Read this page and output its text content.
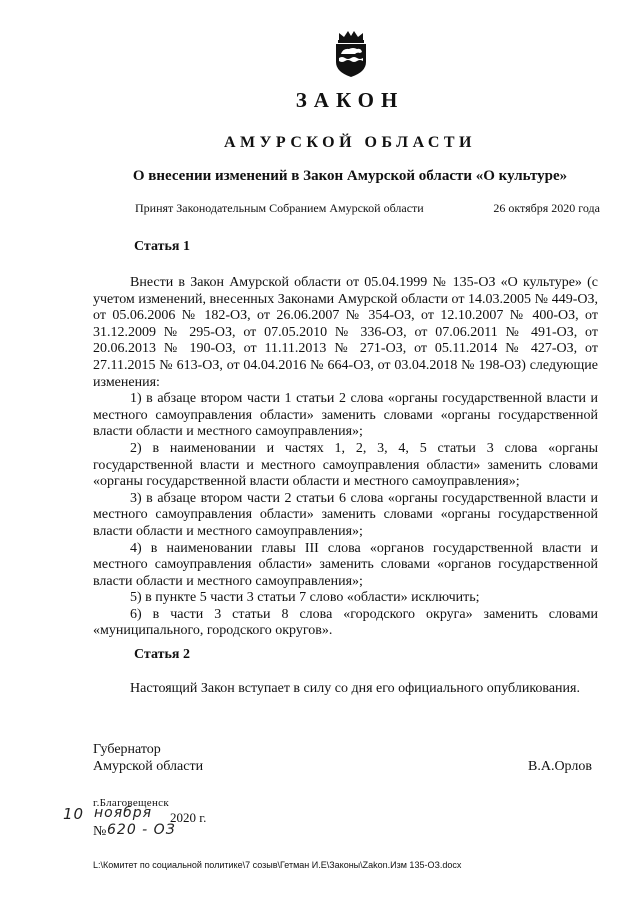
ЗАКОН
АМУРСКОЙ ОБЛАСТИ
О внесении изменений в Закон Амурской области «О культуре»
Принят Законодательным Собранием Амурской области	26 октября 2020 года
Статья 1

Внести в Закон Амурской области от 05.04.1999 № 135-ОЗ «О культуре» (с учетом изменений, внесенных Законами Амурской области от 14.03.2005 № 449-ОЗ, от 05.06.2006 № 182-ОЗ, от 26.06.2007 № 354-ОЗ, от 12.10.2007 № 400-ОЗ, от 31.12.2009 № 295-ОЗ, от 07.05.2010 № 336-ОЗ, от 07.06.2011 № 491-ОЗ, от 20.06.2013 № 190-ОЗ, от 11.11.2013 № 271-ОЗ, от 05.11.2014 № 427-ОЗ, от 27.11.2015 № 613-ОЗ, от 04.04.2016 № 664-ОЗ, от 03.04.2018 № 198-ОЗ) следующие изменения:

1) в абзаце втором части 1 статьи 2 слова «органы государственной власти и местного самоуправления области» заменить словами «органы государственной власти области и местного самоуправления»;

2) в наименовании и частях 1, 2, 3, 4, 5 статьи 3 слова «органы государственной власти и местного самоуправления области» заменить словами «органы государственной власти области и местного самоуправления»;

3) в абзаце втором части 2 статьи 6 слова «органы государственной власти и местного самоуправления области» заменить словами «органы государственной власти области и местного самоуправления»;

4) в наименовании главы III слова «органов государственной власти и местного самоуправления области» заменить словами «органов государственной власти области и местного самоуправления»;

5) в пункте 5 части 3 статьи 7 слово «области» исключить;

6) в части 3 статьи 8 слова «городского округа» заменить словами «муниципального, городского округов».

Статья 2

Настоящий Закон вступает в силу со дня его официального опубликования.

Губернатор
Амурской области	В.А.Орлов
г.Благовещенск
10 ноября 2020 г.
№ 620 - ОЗ
L:\Комитет по социальной политике\7 созыв\Гетман И.Е\Законы\Zakon.Изм 135-ОЗ.docx
